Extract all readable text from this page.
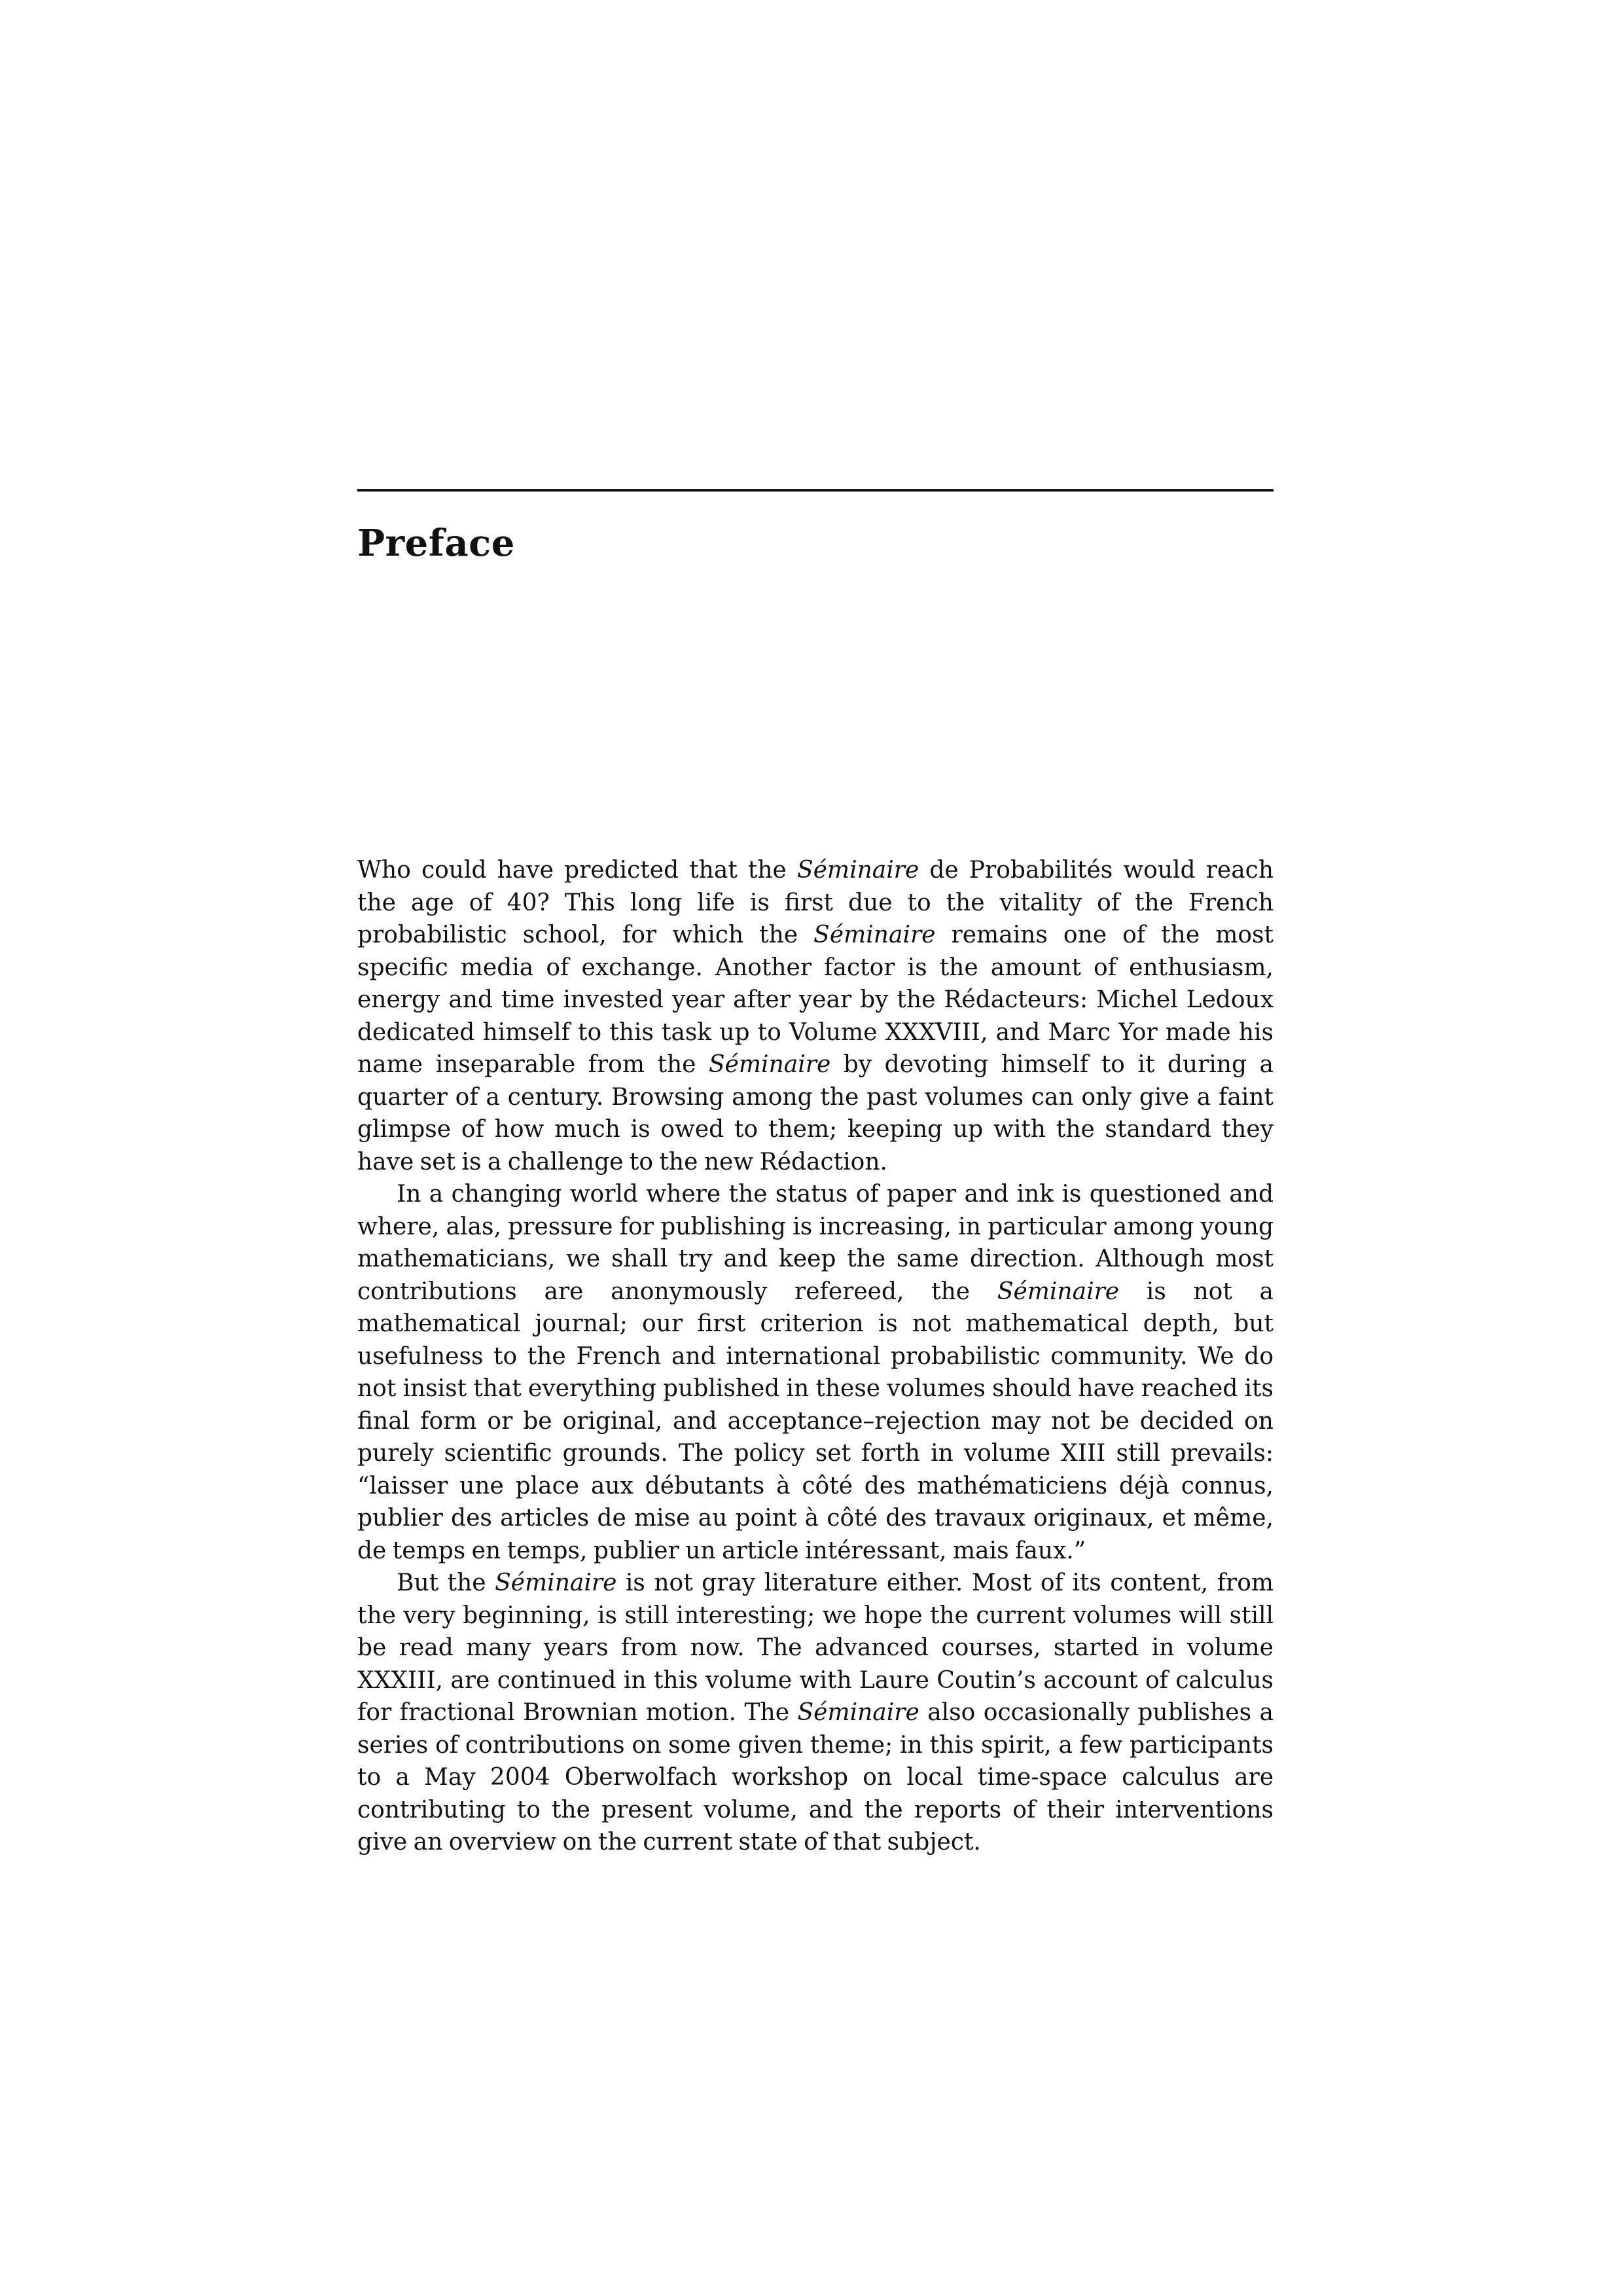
Preface

Who could have predicted that the Séminaire de Probabilités would reach the age of 40? This long life is first due to the vitality of the French probabilistic school, for which the Séminaire remains one of the most specific media of exchange. Another factor is the amount of enthusiasm, energy and time invested year after year by the Rédacteurs: Michel Ledoux dedicated himself to this task up to Volume XXXVIII, and Marc Yor made his name inseparable from the Séminaire by devoting himself to it during a quarter of a century. Browsing among the past volumes can only give a faint glimpse of how much is owed to them; keeping up with the standard they have set is a challenge to the new Rédaction.

In a changing world where the status of paper and ink is questioned and where, alas, pressure for publishing is increasing, in particular among young mathematicians, we shall try and keep the same direction. Although most contributions are anonymously refereed, the Séminaire is not a mathematical journal; our first criterion is not mathematical depth, but usefulness to the French and international probabilistic community. We do not insist that everything published in these volumes should have reached its final form or be original, and acceptance–rejection may not be decided on purely scientific grounds. The policy set forth in volume XIII still prevails: “laisser une place aux débutants à côté des mathématiciens déjà connus, publier des articles de mise au point à côté des travaux originaux, et même, de temps en temps, publier un article intéressant, mais faux.”

But the Séminaire is not gray literature either. Most of its content, from the very beginning, is still interesting; we hope the current volumes will still be read many years from now. The advanced courses, started in volume XXXIII, are continued in this volume with Laure Coutin’s account of calculus for fractional Brownian motion. The Séminaire also occasionally publishes a series of contributions on some given theme; in this spirit, a few participants to a May 2004 Oberwolfach workshop on local time-space calculus are contributing to the present volume, and the reports of their interventions give an overview on the current state of that subject.
